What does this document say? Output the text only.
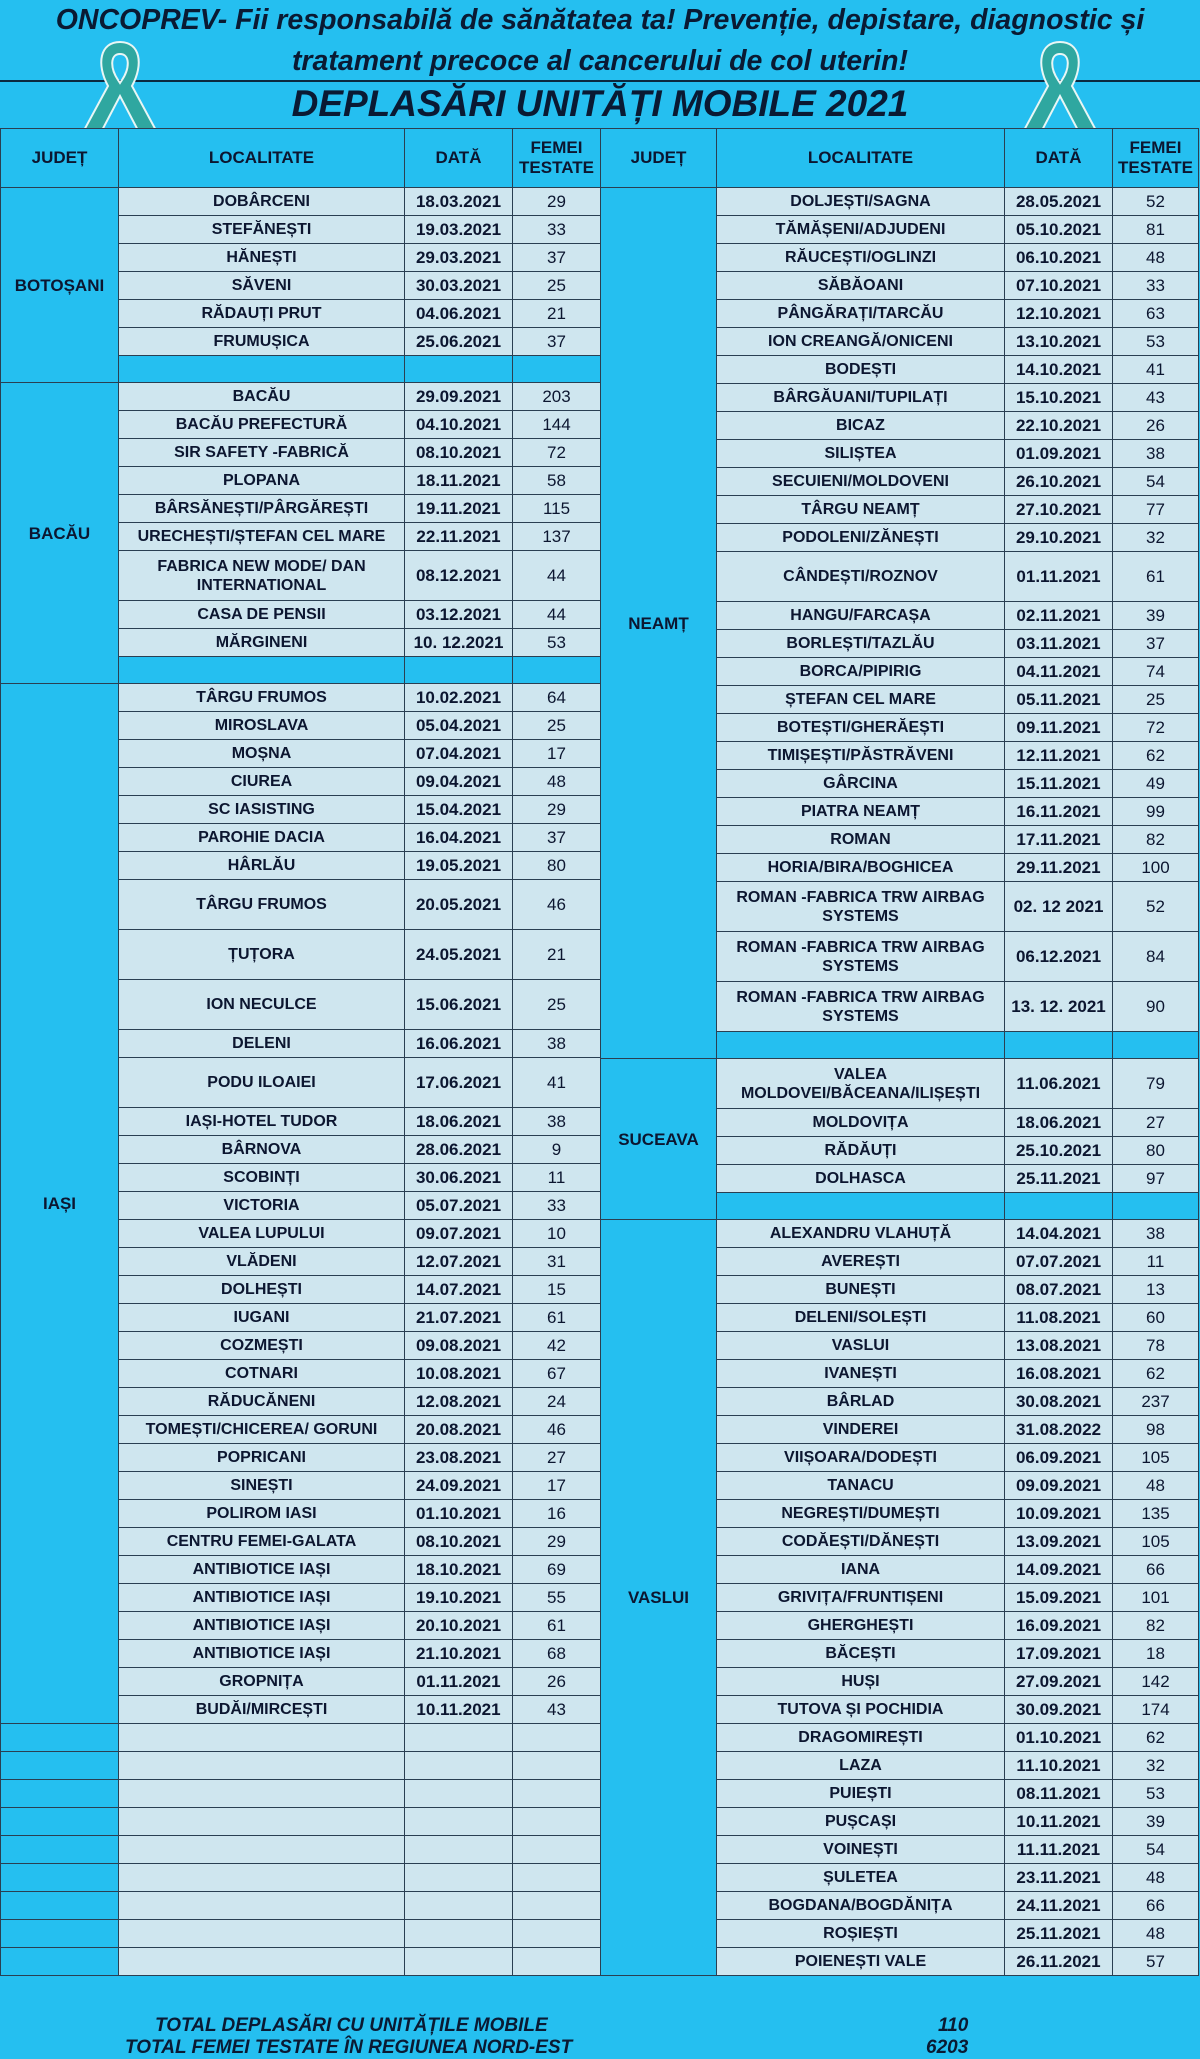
ONCOPREV- Fii responsabilă de sănătatea ta! Prevenție, depistare, diagnostic și
tratament precoce al cancerului de col uterin!
DEPLASĂRI UNITĂȚI MOBILE 2021
JUDEȚ	LOCALITATE	DATĂ	FEMEI TESTATE
BOTOȘANI	DOBÂRCENI	18.03.2021	29
	STEFĂNEȘTI	19.03.2021	33
	HĂNEȘTI	29.03.2021	37
	SĂVENI	30.03.2021	25
	RĂDAUȚI PRUT	04.06.2021	21
	FRUMUȘICA	25.06.2021	37

BACĂU	BACĂU	29.09.2021	203
	BACĂU PREFECTURĂ	04.10.2021	144
	SIR SAFETY -FABRICĂ	08.10.2021	72
	PLOPANA	18.11.2021	58
	BÂRSĂNEȘTI/PÂRGĂREȘTI	19.11.2021	115
	URECHEȘTI/ȘTEFAN CEL MARE	22.11.2021	137
	FABRICA NEW MODE/ DAN INTERNATIONAL	08.12.2021	44
	CASA DE PENSII	03.12.2021	44
	MĂRGINENI	10. 12.2021	53

IAȘI	TÂRGU FRUMOS	10.02.2021	64
	MIROSLAVA	05.04.2021	25
	MOȘNA	07.04.2021	17
	CIUREA	09.04.2021	48
	SC IASISTING	15.04.2021	29
	PAROHIE DACIA	16.04.2021	37
	HÂRLĂU	19.05.2021	80
	TÂRGU FRUMOS	20.05.2021	46
	ȚUȚORA	24.05.2021	21
	ION NECULCE	15.06.2021	25
	DELENI	16.06.2021	38
	PODU ILOAIEI	17.06.2021	41
	IAȘI-HOTEL TUDOR	18.06.2021	38
	BÂRNOVA	28.06.2021	9
	SCOBINȚI	30.06.2021	11
	VICTORIA	05.07.2021	33
	VALEA LUPULUI	09.07.2021	10
	VLĂDENI	12.07.2021	31
	DOLHEȘTI	14.07.2021	15
	IUGANI	21.07.2021	61
	COZMEȘTI	09.08.2021	42
	COTNARI	10.08.2021	67
	RĂDUCĂNENI	12.08.2021	24
	TOMEȘTI/CHICEREA/ GORUNI	20.08.2021	46
	POPRICANI	23.08.2021	27
	SINEȘTI	24.09.2021	17
	POLIROM IASI	01.10.2021	16
	CENTRU FEMEI-GALATA	08.10.2021	29
	ANTIBIOTICE IAȘI	18.10.2021	69
	ANTIBIOTICE IAȘI	19.10.2021	55
	ANTIBIOTICE IAȘI	20.10.2021	61
	ANTIBIOTICE IAȘI	21.10.2021	68
	GROPNIȚA	01.11.2021	26
	BUDĂI/MIRCEȘTI	10.11.2021	43

JUDEȚ	LOCALITATE	DATĂ	FEMEI TESTATE
NEAMȚ	DOLJEȘTI/SAGNA	28.05.2021	52
	TĂMĂȘENI/ADJUDENI	05.10.2021	81
	RĂUCEȘTI/OGLINZI	06.10.2021	48
	SĂBĂOANI	07.10.2021	33
	PÂNGĂRAȚI/TARCĂU	12.10.2021	63
	ION CREANGĂ/ONICENI	13.10.2021	53
	BODEȘTI	14.10.2021	41
	BÂRGĂUANI/TUPILAȚI	15.10.2021	43
	BICAZ	22.10.2021	26
	SILIȘTEA	01.09.2021	38
	SECUIENI/MOLDOVENI	26.10.2021	54
	TÂRGU NEAMȚ	27.10.2021	77
	PODOLENI/ZĂNEȘTI	29.10.2021	32
	CÂNDEȘTI/ROZNOV	01.11.2021	61
	HANGU/FARCAȘA	02.11.2021	39
	BORLEȘTI/TAZLĂU	03.11.2021	37
	BORCA/PIPIRIG	04.11.2021	74
	ȘTEFAN CEL MARE	05.11.2021	25
	BOTEȘTI/GHERĂEȘTI	09.11.2021	72
	TIMIȘEȘTI/PĂSTRĂVENI	12.11.2021	62
	GÂRCINA	15.11.2021	49
	PIATRA NEAMȚ	16.11.2021	99
	ROMAN	17.11.2021	82
	HORIA/BIRA/BOGHICEA	29.11.2021	100
	ROMAN -FABRICA TRW AIRBAG SYSTEMS	02. 12 2021	52
	ROMAN -FABRICA TRW AIRBAG SYSTEMS	06.12.2021	84
	ROMAN -FABRICA TRW AIRBAG SYSTEMS	13. 12. 2021	90

SUCEAVA	VALEA MOLDOVEI/BĂCEANA/ILIȘEȘTI	11.06.2021	79
	MOLDOVIȚA	18.06.2021	27
	RĂDĂUȚI	25.10.2021	80
	DOLHASCA	25.11.2021	97

VASLUI	ALEXANDRU VLAHUȚĂ	14.04.2021	38
	AVEREȘTI	07.07.2021	11
	BUNEȘTI	08.07.2021	13
	DELENI/SOLEȘTI	11.08.2021	60
	VASLUI	13.08.2021	78
	IVANEȘTI	16.08.2021	62
	BÂRLAD	30.08.2021	237
	VINDEREI	31.08.2022	98
	VIIȘOARA/DODEȘTI	06.09.2021	105
	TANACU	09.09.2021	48
	NEGREȘTI/DUMEȘTI	10.09.2021	135
	CODĂEȘTI/DĂNEȘTI	13.09.2021	105
	IANA	14.09.2021	66
	GRIVIȚA/FRUNTIȘENI	15.09.2021	101
	GHERGHEȘTI	16.09.2021	82
	BĂCEȘTI	17.09.2021	18
	HUȘI	27.09.2021	142
	TUTOVA ȘI POCHIDIA	30.09.2021	174
	DRAGOMIREȘTI	01.10.2021	62
	LAZA	11.10.2021	32
	PUIEȘTI	08.11.2021	53
	PUȘCAȘI	10.11.2021	39
	VOINEȘTI	11.11.2021	54
	ȘULETEA	23.11.2021	48
	BOGDANA/BOGDĂNIȚA	24.11.2021	66
	ROȘIEȘTI	25.11.2021	48
	POIENEȘTI VALE	26.11.2021	57
TOTAL DEPLASĂRI CU UNITĂȚILE MOBILE	110
TOTAL FEMEI TESTATE ÎN REGIUNEA NORD-EST	6203
